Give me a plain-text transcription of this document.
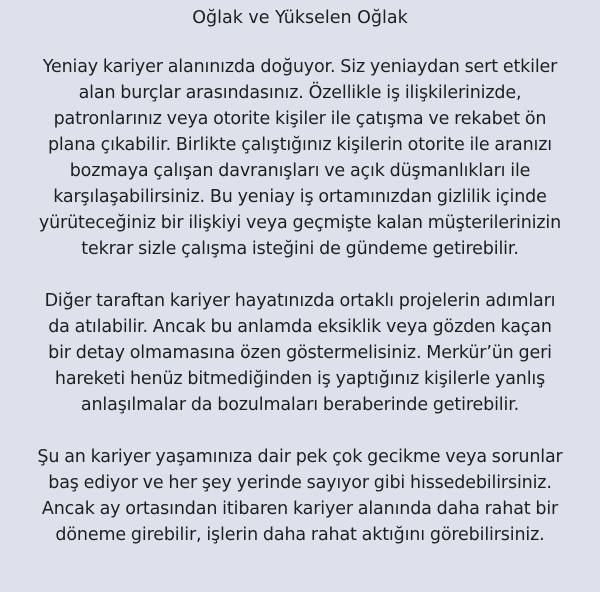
Oğlak ve Yükselen Oğlak
Yeniay kariyer alanınızda doğuyor. Siz yeniaydan sert etkiler
alan burçlar arasındasınız. Özellikle iş ilişkilerinizde,
patronlarınız veya otorite kişiler ile çatışma ve rekabet ön
plana çıkabilir. Birlikte çalıştığınız kişilerin otorite ile aranızı
bozmaya çalışan davranışları ve açık düşmanlıkları ile
karşılaşabilirsiniz. Bu yeniay iş ortamınızdan gizlilik içinde
yürüteceğiniz bir ilişkiyi veya geçmişte kalan müşterilerinizin
tekrar sizle çalışma isteğini de gündeme getirebilir.
Diğer taraftan kariyer hayatınızda ortaklı projelerin adımları
da atılabilir. Ancak bu anlamda eksiklik veya gözden kaçan
bir detay olmamasına özen göstermelisiniz. Merkür’ün geri
hareketi henüz bitmediğinden iş yaptığınız kişilerle yanlış
anlaşılmalar da bozulmaları beraberinde getirebilir.
Şu an kariyer yaşamınıza dair pek çok gecikme veya sorunlar
baş ediyor ve her şey yerinde sayıyor gibi hissedebilirsiniz.
Ancak ay ortasından itibaren kariyer alanında daha rahat bir
döneme girebilir, işlerin daha rahat aktığını görebilirsiniz.
